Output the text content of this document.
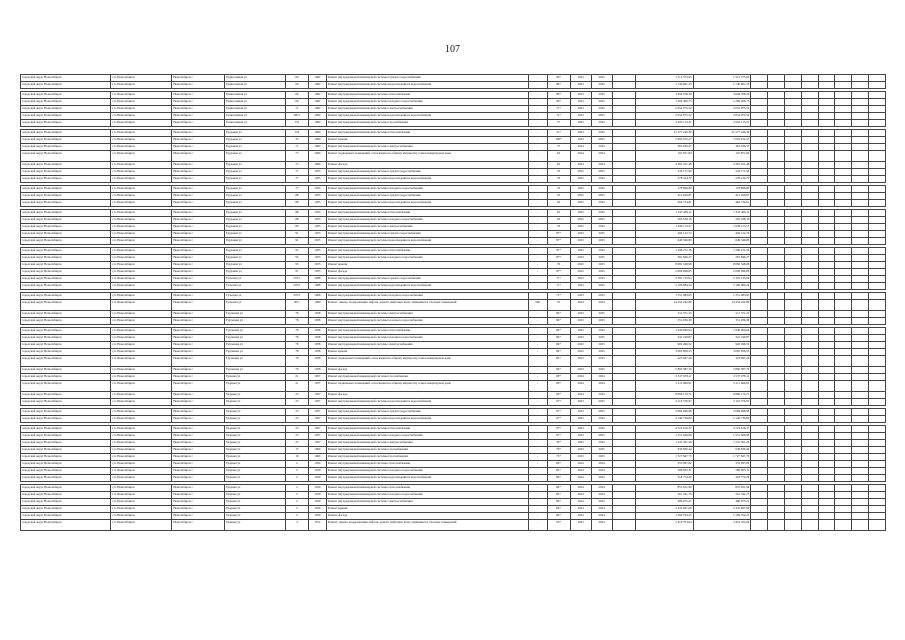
107
городской округ Новосибирск	г.п. Новосибирск	Новосибирск г	Трикотажная ул	60	1962	Ремонт внутридомовой инженерной системы горячего водоснабжения	-	90*	2023	2025		1 512 573,65	1 512 573,65								
городской округ Новосибирск	г.п. Новосибирск	Новосибирск г	Трикотажная ул	60	1962	Ремонт внутридомовой инженерной системы водоотведения и водоснабжения	-	89*	2023	2025		1 740 601,33	1 740 601,33								

городской округ Новосибирск	г.п. Новосибирск	Новосибирск г	Трикотажная ул	69	1962	Ремонт внутридомовой инженерной системы теплоснабжения	-	89*	2023	2025		3 694 708,30	3 694 708,30								
городской округ Новосибирск	г.п. Новосибирск	Новосибирск г	Трикотажная ул	69	1962	Ремонт внутридомовой инженерной системы холодного водоснабжения	-	90*	2023	2025		1 269 406,73	1 269 406,73								
городской округ Новосибирск	г.п. Новосибирск	Новосибирск г	Трикотажная ул	71	1962	Ремонт внутридомовой инженерной системы электроснабжения	-	71*	2023	2025		2 052 075,52	2 052 075,52								
городской округ Новосибирск	г.п. Новосибирск	Новосибирск г	Трикотажная ул	68/3	1964	Ремонт внутридомовой инженерной системы водоотведения и водоснабжения	-	71*	2023	2025		2 052 075,52	2 052 075,52								
городской округ Новосибирск	г.п. Новосибирск	Новосибирск г	Трикотажная ул	152	1964	Ремонт внутридомовой инженерной системы газоснабжения	-	5*	2023	2025		2 943 113,21	2 943 113,21								

городской округ Новосибирск	г.п. Новосибирск	Новосибирск г	Трудовая ул	152	1964	Ремонт внутридомовой инженерной системы теплоснабжения	-	31*	2023	2025		21 577 246,39	21 577 246,39								
городской округ Новосибирск	г.п. Новосибирск	Новосибирск г	Трудовая ул	33	1960	Ремонт крыши	-	100*	2023	2025		7 095 912,27	7 095 912,27								
городской округ Новосибирск	г.п. Новосибирск	Новосибирск г	Трудовая ул	71	1960	Ремонт внутридомовой инженерной системы электроснабжения	-	57	2024	2024		363 936,37	363 936,37								
городской округ Новосибирск	г.п. Новосибирск	Новосибирск г	Трудовая ул	73	1960	Ремонт подвальных помещений, относящихся к общему имуществу в многоквартирном доме	-	62	2024	2024		191 871,84	191 871,84								
городской округ Новосибирск	г.п. Новосибирск	Новосибирск г	Трудовая ул	73	1960	Ремонт фасада	-	62	2024	2024		4 381 451,48	4 381 451,48								
городской округ Новосибирск	г.п. Новосибирск	Новосибирск г	Трудовая ул	77	1955	Ремонт внутридомовой инженерной системы горячего водоснабжения	-	76	2025	2025		243 171,90	243 171,90								
городской округ Новосибирск	г.п. Новосибирск	Новосибирск г	Трудовая ул	77	1955	Ремонт внутридомовой инженерной системы водоотведения и водоснабжения	-	76	2025	2025		278 414,70	278 414,70								

городской округ Новосибирск	г.п. Новосибирск	Новосибирск г	Трудовая ул	77	1955	Ремонт внутридомовой инженерной системы холодного водоснабжения	-	76	2025	2025		178 866,80	178 866,80								
городской округ Новосибирск	г.п. Новосибирск	Новосибирск г	Трудовая ул	88	1955	Ремонт внутридомовой инженерной системы горячего водоснабжения	-	55	2025	2025		412 926,87	412 926,87								
городской округ Новосибирск	г.п. Новосибирск	Новосибирск г	Трудовая ул	88	1955	Ремонт внутридомовой инженерной системы водоотведения и водоснабжения	-	62	2025	2025		464 734,61	464 734,61								

городской округ Новосибирск	г.п. Новосибирск	Новосибирск г	Трудовая ул	88	1955	Ремонт внутридомовой инженерной системы теплоснабжения	-	65	2025	2025		1 347 469,11	1 347 469,11								
городской округ Новосибирск	г.п. Новосибирск	Новосибирск г	Трудовая ул	88	1955	Ремонт внутридомовой инженерной системы холодного водоснабжения	-	65	2025	2025		295 538,19	295 538,19								
городской округ Новосибирск	г.п. Новосибирск	Новосибирск г	Трудовая ул	89	1955	Ремонт внутридомовой инженерной системы электроснабжения	-	76	2025	2025		1 636 113,57	1 636 113,57								
городской округ Новосибирск	г.п. Новосибирск	Новосибирск г	Трудовая ул	91	1955	Ремонт внутридомовой инженерной системы горячего водоснабжения	-	87*	2023	2025		494 122,74	494 122,74								
городской округ Новосибирск	г.п. Новосибирск	Новосибирск г	Трудовая ул	91	1955	Ремонт внутридомовой инженерной системы водоотведения и водоснабжения	-	87*	2023	2025		649 346,80	649 346,80								

городской округ Новосибирск	г.п. Новосибирск	Новосибирск г	Трудовая ул	95	1955	Ремонт внутридомовой инженерной системы теплоснабжения	-	87*	2023	2025		1 296 272,36	1 296 272,36								
городской округ Новосибирск	г.п. Новосибирск	Новосибирск г	Трудовая ул	95	1955	Ремонт внутридомовой инженерной системы холодного водоснабжения	-	87*	2023	2025		281 846,27	281 846,27								
городской округ Новосибирск	г.п. Новосибирск	Новосибирск г	Трудовая ул	95	1955	Ремонт крыши	-	76	2025	2025		8 082 548,98	8 082 548,98								
городской округ Новосибирск	г.п. Новосибирск	Новосибирск г	Трудовая ул	97	1955	Ремонт фасада	-	87*	2023	2025		2 006 099,85	2 006 099,85								
городской округ Новосибирск	г.п. Новосибирск	Новосибирск г	Тульская ул	270/1	1968	Ремонт внутридомовой инженерной системы горячего водоснабжения	-	71*	2023	2025		2 391 135,04	2 391 135,04								
городской округ Новосибирск	г.п. Новосибирск	Новосибирск г	Тульская ул	270/1	1968	Ремонт внутридомовой инженерной системы водоотведения и водоснабжения	-	71*	2023	2025		2 106 084,24	2 106 084,24								

городской округ Новосибирск	г.п. Новосибирск	Новосибирск г	Тульская ул	270/1	1968	Ремонт внутридомовой инженерной системы холодного водоснабжения	-	71*	2023	2025		1 551 983,63	1 551 983,63								
городской округ Новосибирск	г.п. Новосибирск	Новосибирск г	Тульская ул	90/1	1960	Ремонт, замена, модернизация лифтов, ремонт лифтовых шахт, машинных и блочных помещений	596	55	2024	2024		14 454 242,89	14 454 242,89								
городской округ Новосибирск	г.п. Новосибирск	Новосибирск г	Тургенева ул	78	1958	Ремонт внутридомовой инженерной системы электроснабжения	-	84*	2023	2025		511 371,25	511 371,25								
городской округ Новосибирск	г.п. Новосибирск	Новосибирск г	Тургенева ул	78	1958	Ремонт внутридомовой инженерной системы холодного водоснабжения	-	84*	2023	2025		351 036,39	351 036,39								

городской округ Новосибирск	г.п. Новосибирск	Новосибирск г	Тургенева ул	78	1958	Ремонт внутридомовой инженерной системы теплоснабжения	-	84*	2023	2025		1 640 690,64	1 640 690,64								
городской округ Новосибирск	г.п. Новосибирск	Новосибирск г	Тургенева ул	78	1958	Ремонт внутридомовой инженерной системы холодного водоснабжения	-	84*	2023	2025		341 190,87	341 190,87								
городской округ Новосибирск	г.п. Новосибирск	Новосибирск г	Тургенева ул	78	1958	Ремонт внутридомовой инженерной системы электроснабжения	-	84*	2023	2025		902 490,52	902 490,52								
городской округ Новосибирск	г.п. Новосибирск	Новосибирск г	Тургенева ул	78	1958	Ремонт крыши	-	84*	2023	2025		3 065 856,53	3 065 856,53								
городской округ Новосибирск	г.п. Новосибирск	Новосибирск г	Тургенева ул	79	1958	Ремонт подвальных помещений, относящихся к общему имуществу в многоквартирном доме	-	84*	2023	2025		423 097,26	423 097,26								
городской округ Новосибирск	г.п. Новосибирск	Новосибирск г	Тургенева ул	79	1958	Ремонт фасада	-	84*	2023	2025		5 860 387,70	5 860 387,70								
городской округ Новосибирск	г.п. Новосибирск	Новосибирск г	Ударная ул	21	1957	Ремонт внутридомовой инженерной системы газоснабжения	-	68*	2024	2024		3 537 978,11	3 537 978,11								
городской округ Новосибирск	г.п. Новосибирск	Новосибирск г	Ударная ул	21	1957	Ремонт подвальных помещений, относящихся к общему имуществу в многоквартирном доме	-	60*	2024	2024		5 211 669,91	5 211 669,91								
городской округ Новосибирск	г.п. Новосибирск	Новосибирск г	Ударная ул	23	1957	Ремонт фасада	-	60*	2024	2024		8 890 170,71	8 890 170,71								
городской округ Новосибирск	г.п. Новосибирск	Новосибирск г	Ударная ул	23	1957	Ремонт внутридомовой инженерной системы водоотведения и водоснабжения	-	67*	2023	2025		3 116 576,97	3 116 576,97								

городской округ Новосибирск	г.п. Новосибирск	Новосибирск г	Ударная ул	23	1957	Ремонт внутридомовой инженерной системы горячего водоснабжения	-	67*	2023	2025		2 084 698,98	2 084 698,98								
городской округ Новосибирск	г.п. Новосибирск	Новосибирск г	Ударная ул	23	1957	Ремонт внутридомовой инженерной системы водоотведения и водоснабжения	-	67*	2023	2025		2 140 730,60	2 140 730,60								

городской округ Новосибирск	г.п. Новосибирск	Новосибирск г	Ударная ул	23	1957	Ремонт внутридомовой инженерной системы теплоснабжения	-	67*	2023	2025		4 723 616,37	4 723 616,37								
городской округ Новосибирск	г.п. Новосибирск	Новосибирск г	Ударная ул	23	1957	Ремонт внутридомовой инженерной системы холодного водоснабжения	-	67*	2023	2025		1 551 629,09	1 551 629,09								
городской округ Новосибирск	г.п. Новосибирск	Новосибирск г	Ударная ул	25	1957	Ремонт внутридомовой инженерной системы электроснабжения	-	79*	2023	2025		1 241 361,29	1 241 361,29								
городской округ Новосибирск	г.п. Новосибирск	Новосибирск г	Ударная ул	17	1960	Ремонт внутридомовой инженерной системы газоснабжения	-	70*	2023	2025		639 830,44	639 830,44								
городской округ Новосибирск	г.п. Новосибирск	Новосибирск г	Ударная ул	19	1960	Ремонт внутридомовой инженерной системы газоснабжения	-	75*	2023	2025		1 727 847,73	1 727 847,73								
городской округ Новосибирск	г.п. Новосибирск	Новосибирск г	Ударная ул	2	1959	Ремонт внутридомовой инженерной системы теплоснабжения	-	84*	2024	2024		353 097,82	353 097,82								
городской округ Новосибирск	г.п. Новосибирск	Новосибирск г	Ударная ул	2	1959	Ремонт внутридомовой инженерной системы холодного водоснабжения	-	84*	2024	2024		286 665,31	286 665,31								
городской округ Новосибирск	г.п. Новосибирск	Новосибирск г	Ударная ул	2	1959	Ремонт внутридомовой инженерной системы водоотведения и водоснабжения	-	84*	2024	2024		318 774,20	318 774,20								

городской округ Новосибирск	г.п. Новосибирск	Новосибирск г	Ударная ул	2	1959	Ремонт внутридомовой инженерной системы теплоснабжения	-	84*	2024	2024		855 651,99	855 651,99								
городской округ Новосибирск	г.п. Новосибирск	Новосибирск г	Ударная ул	2	1959	Ремонт внутридомовой инженерной системы холодного водоснабжения	-	84*	2024	2024		261 341,75	261 341,75								
городской округ Новосибирск	г.п. Новосибирск	Новосибирск г	Ударная ул	2	1959	Ремонт внутридомовой инженерной системы электроснабжения	-	84*	2024	2024		480 075,21	480 075,21								
городской округ Новосибирск	г.п. Новосибирск	Новосибирск г	Ударная ул	2	1959	Ремонт крыши	-	84*	2024	2024		2 435 667,69	2 435 667,69								
городской округ Новосибирск	г.п. Новосибирск	Новосибирск г	Ударная ул	2	1959	Ремонт фасада	-	84*	2024	2024		1 209 704,25	1 209 704,25								
городской округ Новосибирск	г.п. Новосибирск	Новосибирск г	Ударная ул	3	1972	Ремонт, замена, модернизация лифтов, ремонт лифтовых шахт, машинных и блочных помещений	-	63*	2023	2024		2 410 703,64	2 410 703,64								
